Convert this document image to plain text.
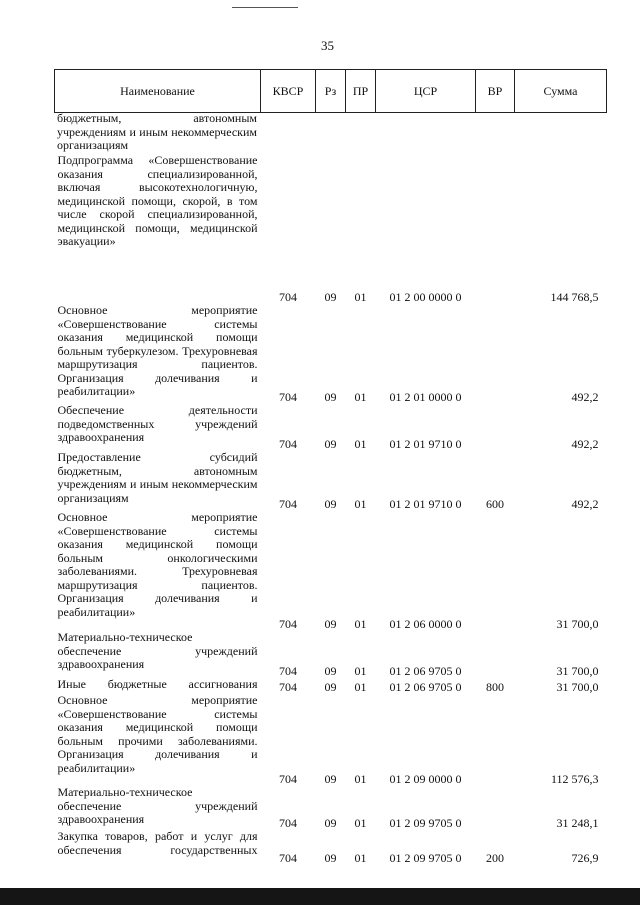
35
Наименование	КВСР	Рз	ПР	ЦСР	ВР	Сумма

Подпрограмма «Совершенствование оказания специализированной, включая высокотехнологичную, медицинской помощи, скорой, в том числе скорой специализированной, медицинской помощи, медицинской эвакуации»	704	09	01	01 2 00 0000 0		144 768,5
Основное мероприятие «Совершенствование системы оказания медицинской помощи больным туберкулезом. Трехуровневая маршрутизация пациентов. Организация долечивания и реабилитации»	704	09	01	01 2 01 0000 0		492,2
Обеспечение деятельности подведомственных учреждений здравоохранения	704	09	01	01 2 01 9710 0		492,2
Предоставление субсидий бюджетным, автономным учреждениям и иным некоммерческим организациям	704	09	01	01 2 01 9710 0	600	492,2
Основное мероприятие «Совершенствование системы оказания медицинской помощи больным онкологическими заболеваниями. Трехуровневая маршрутизация пациентов. Организация долечивания и реабилитации»	704	09	01	01 2 06 0000 0		31 700,0
Материально-техническое обеспечение учреждений здравоохранения	704	09	01	01 2 06 9705 0		31 700,0
Иные бюджетные ассигнования	704	09	01	01 2 06 9705 0	800	31 700,0
Основное мероприятие «Совершенствование системы оказания медицинской помощи больным прочими заболеваниями. Организация долечивания и реабилитации»	704	09	01	01 2 09 0000 0		112 576,3
Материально-техническое обеспечение учреждений здравоохранения	704	09	01	01 2 09 9705 0		31 248,1
Закупка товаров, работ и услуг для обеспечения государственных	704	09	01	01 2 09 9705 0	200	726,9
бюджетным, автономным учреждениям и иным некоммерческим организациям
